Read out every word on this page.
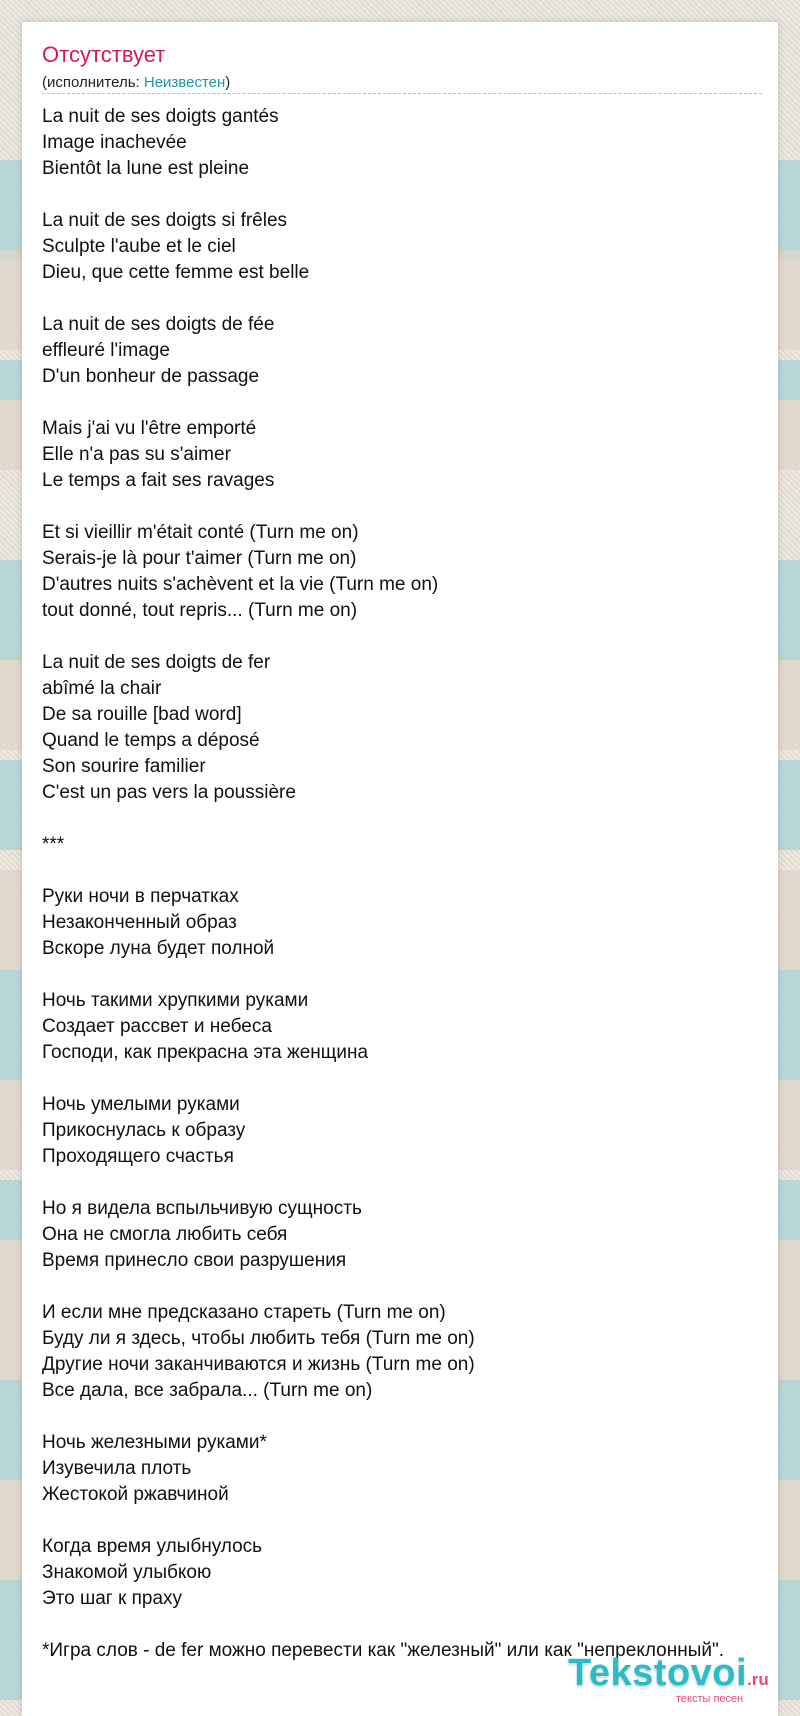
Отсутствует
(исполнитель: Неизвестен)
La nuit de ses doigts gantés
Image inachevée
Bientôt la lune est pleine
La nuit de ses doigts si frêles
Sculpte l'aube et le ciel
Dieu, que cette femme est belle
La nuit de ses doigts de fée
effleuré l'image
D'un bonheur de passage
Mais j'ai vu l'être emporté
Elle n'a pas su s'aimer
Le temps a fait ses ravages
Et si vieillir m'était conté (Turn me on)
Serais-je là pour t'aimer (Turn me on)
D'autres nuits s'achèvent et la vie (Turn me on)
tout donné, tout repris... (Turn me on)
La nuit de ses doigts de fer
abîmé la chair
De sa rouille [bad word]
Quand le temps a déposé
Son sourire familier
C'est un pas vers la poussière
***
Руки ночи в перчатках
Незаконченный образ
Вскоре луна будет полной
Ночь такими хрупкими руками
Создает рассвет и небеса
Господи, как прекрасна эта женщина
Ночь умелыми руками
Прикоснулась к образу
Проходящего счастья
Но я видела вспыльчивую сущность
Она не смогла любить себя
Время принесло свои разрушения
И если мне предсказано стареть (Turn me on)
Буду ли я здесь, чтобы любить тебя (Turn me on)
Другие ночи заканчиваются и жизнь (Turn me on)
Все дала, все забрала... (Turn me on)
Ночь железными руками*
Изувечила плоть
Жестокой ржавчиной
Когда время улыбнулось
Знакомой улыбкою
Это шаг к праху
*Игра слов - de fer можно перевести как "железный" или как "непреклонный".
Tekstovoi.ru
тексты песен
